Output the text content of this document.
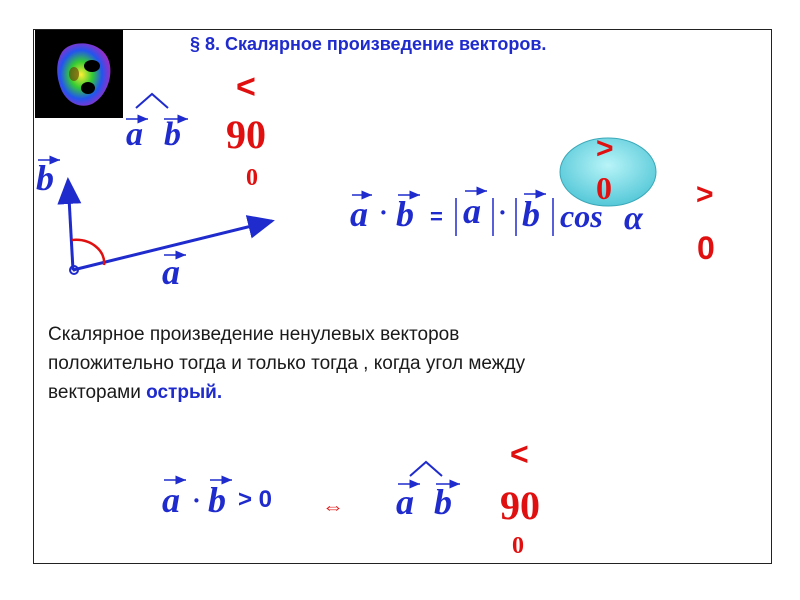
§ 8. Скалярное произведение векторов.
a b
<
90
0
b
a
>
0
a · b = a · b cos α
>
0
Скалярное произведение ненулевых векторов
положительно тогда и только тогда , когда угол между
векторами острый.
a · b > 0 ⇔ a b
<
90
0
